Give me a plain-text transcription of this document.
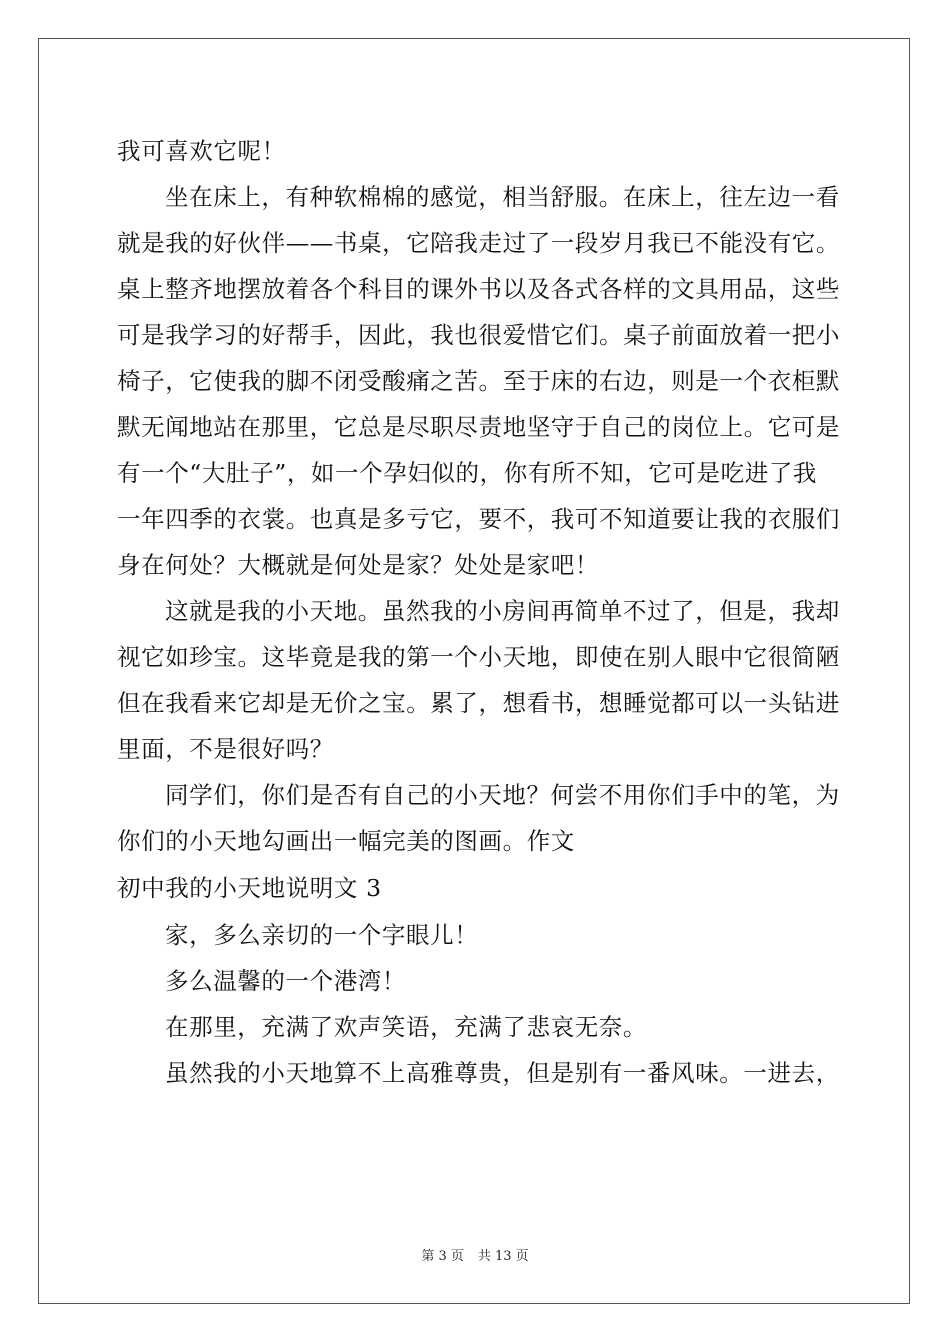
我可喜欢它呢！
坐在床上，有种软棉棉的感觉，相当舒服。在床上，往左边一看
就是我的好伙伴——书桌，它陪我走过了一段岁月我已不能没有它。
桌上整齐地摆放着各个科目的课外书以及各式各样的文具用品，这些
可是我学习的好帮手，因此，我也很爱惜它们。桌子前面放着一把小
椅子，它使我的脚不闭受酸痛之苦。至于床的右边，则是一个衣柜默
默无闻地站在那里，它总是尽职尽责地坚守于自己的岗位上。它可是
有一个“大肚子”，如一个孕妇似的，你有所不知，它可是吃进了我
一年四季的衣裳。也真是多亏它，要不，我可不知道要让我的衣服们
身在何处？大概就是何处是家？处处是家吧！
这就是我的小天地。虽然我的小房间再简单不过了，但是，我却
视它如珍宝。这毕竟是我的第一个小天地，即使在别人眼中它很简陋
但在我看来它却是无价之宝。累了，想看书，想睡觉都可以一头钻进
里面，不是很好吗？
同学们，你们是否有自己的小天地？何尝不用你们手中的笔，为
你们的小天地勾画出一幅完美的图画。作文
初中我的小天地说明文 3
家，多么亲切的一个字眼儿！
多么温馨的一个港湾！
在那里，充满了欢声笑语，充满了悲哀无奈。
虽然我的小天地算不上高雅尊贵，但是别有一番风味。一进去，
第 3 页 共 13 页
